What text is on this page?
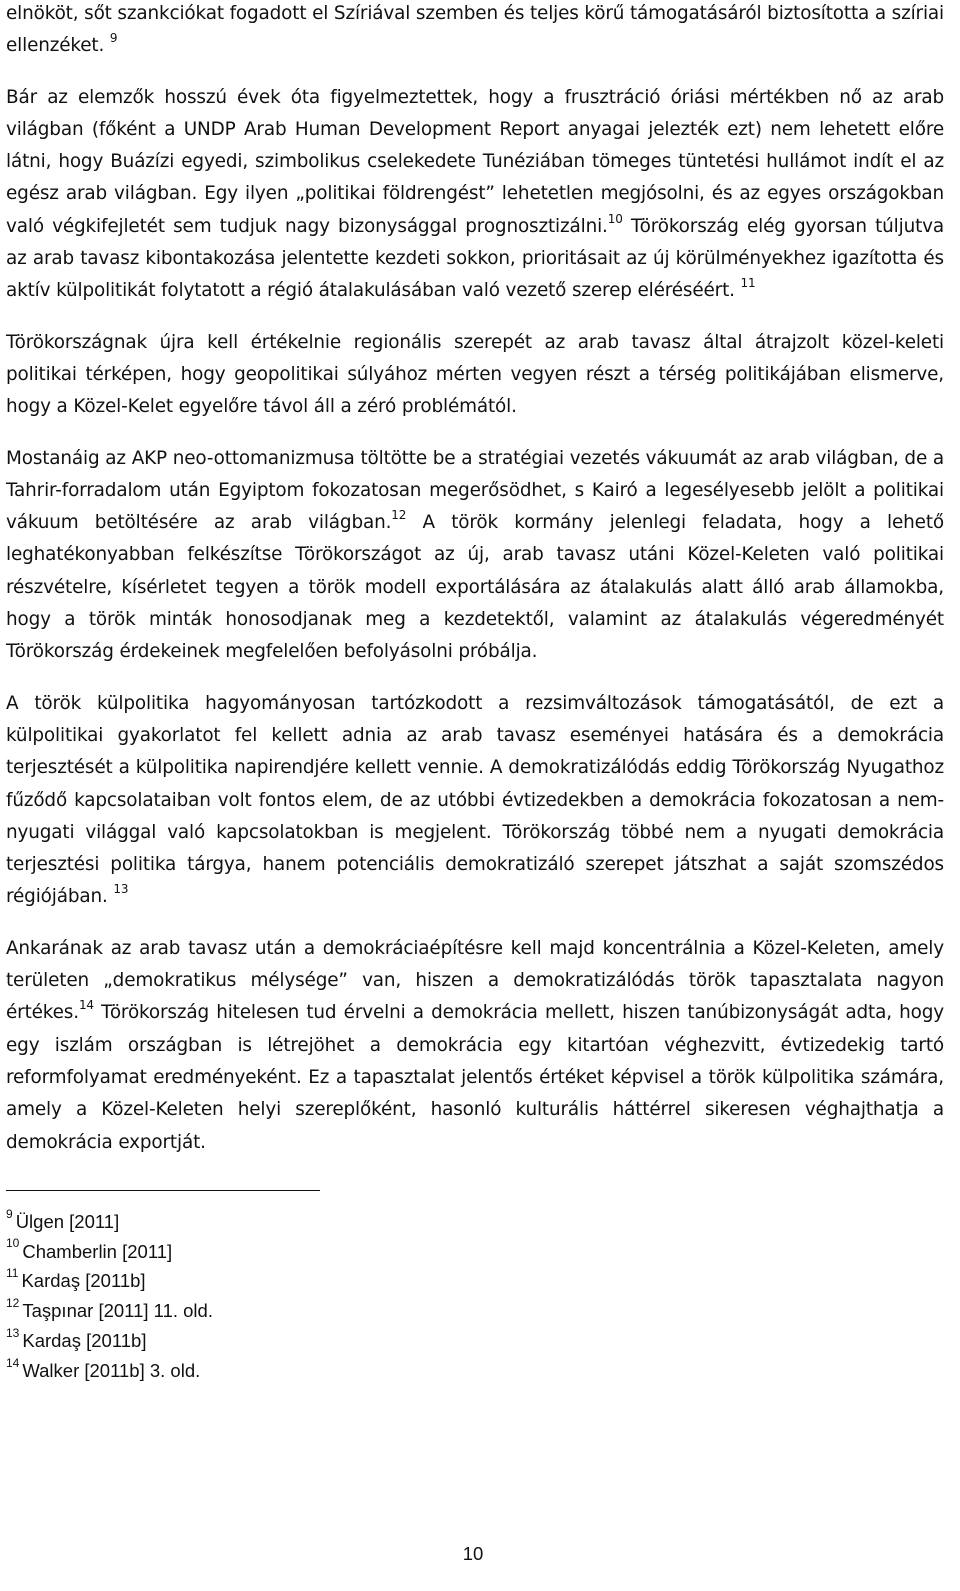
elnököt, sőt szankciókat fogadott el Szíriával szemben és teljes körű támogatásáról biztosította a szíriai ellenzéket. $^9$

Bár az elemzők hosszú évek óta figyelmeztettek, hogy a frusztráció óriási mértékben nő az arab világban (főként a UNDP Arab Human Development Report anyagai jelezték ezt) nem lehetett előre látni, hogy Buázízi egyedi, szimbolikus cselekedete Tunéziában tömeges tüntetési hullámot indít el az egész arab világban. Egy ilyen „politikai földrengést” lehetetlen megjósolni, és az egyes országokban való végkifejletét sem tudjuk nagy bizonysággal prognosztizálni.$^{10}$ Törökország elég gyorsan túljutva az arab tavasz kibontakozása jelentette kezdeti sokkon, prioritásait az új körülményekhez igazította és aktív külpolitikát folytatott a régió átalakulásában való vezető szerep eléréséért. $^{11}$

Törökországnak újra kell értékelnie regionális szerepét az arab tavasz által átrajzolt közel-keleti politikai térképen, hogy geopolitikai súlyához mérten vegyen részt a térség politikájában elismerve, hogy a Közel-Kelet egyelőre távol áll a zéró problémától.

Mostanáig az AKP neo-ottomanizmusa töltötte be a stratégiai vezetés vákuumát az arab világban, de a Tahrir-forradalom után Egyiptom fokozatosan megerősödhet, s Kairó a legesélyesebb jelölt a politikai vákuum betöltésére az arab világban.$^{12}$ A török kormány jelenlegi feladata, hogy a lehető leghatékonyabban felkészítse Törökországot az új, arab tavasz utáni Közel-Keleten való politikai részvételre, kísérletet tegyen a török modell exportálására az átalakulás alatt álló arab államokba, hogy a török minták honosodjanak meg a kezdetektől, valamint az átalakulás végeredményét Törökország érdekeinek megfelelően befolyásolni próbálja.

A török külpolitika hagyományosan tartózkodott a rezsimváltozások támogatásától, de ezt a külpolitikai gyakorlatot fel kellett adnia az arab tavasz eseményei hatására és a demokrácia terjesztését a külpolitika napirendjére kellett vennie. A demokratizálódás eddig Törökország Nyugathoz fűződő kapcsolataiban volt fontos elem, de az utóbbi évtizedekben a demokrácia fokozatosan a nem-nyugati világgal való kapcsolatokban is megjelent. Törökország többé nem a nyugati demokrácia terjesztési politika tárgya, hanem potenciális demokratizáló szerepet játszhat a saját szomszédos régiójában. $^{13}$

Ankarának az arab tavasz után a demokráciaépítésre kell majd koncentrálnia a Közel-Keleten, amely területen „demokratikus mélysége” van, hiszen a demokratizálódás török tapasztalata nagyon értékes.$^{14}$ Törökország hitelesen tud érvelni a demokrácia mellett, hiszen tanúbizonyságát adta, hogy egy iszlám országban is létrejöhet a demokrácia egy kitartóan véghezvitt, évtizedekig tartó reformfolyamat eredményeként. Ez a tapasztalat jelentős értéket képvisel a török külpolitika számára, amely a Közel-Keleten helyi szereplőként, hasonló kulturális háttérrel sikeresen véghajthatja a demokrácia exportját.

$^9$ Ülgen [2011]
$^{10}$ Chamberlin [2011]
$^{11}$ Kardaş [2011b]
$^{12}$ Taşpınar [2011] 11. old.
$^{13}$ Kardaş [2011b]
$^{14}$ Walker [2011b] 3. old.
10
